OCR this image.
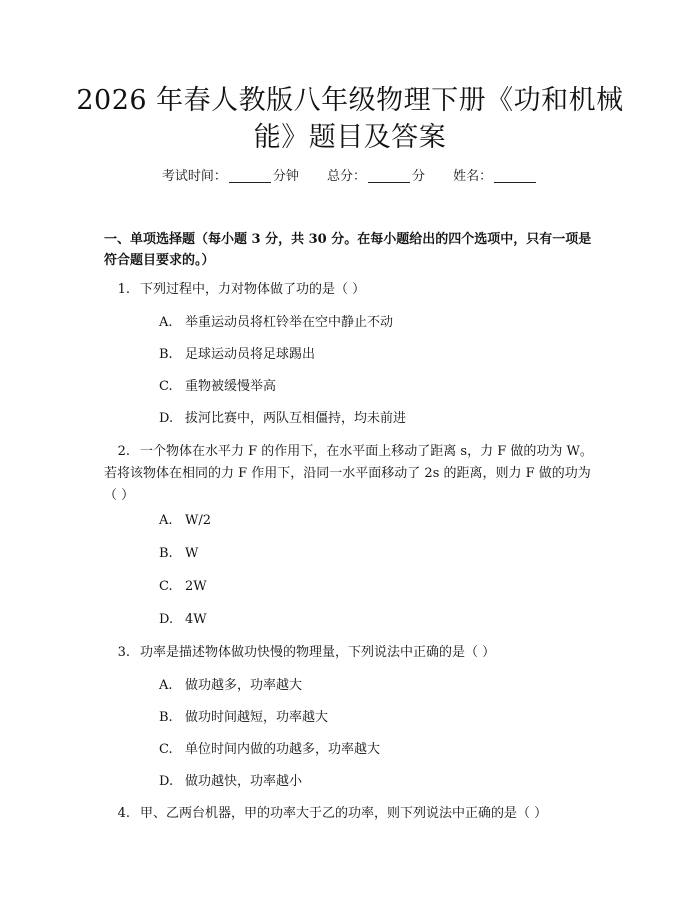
2026 年春人教版八年级物理下册《功和机械
能》题目及答案
考试时间：	分钟 总分：	分 姓名：

一、单项选择题（每小题 3 分，共 30 分。在每小题给出的四个选项中，只有一项是符合题目要求的。）

1. 下列过程中，力对物体做了功的是（ ）

A. 举重运动员将杠铃举在空中静止不动

B. 足球运动员将足球踢出

C. 重物被缓慢举高

D. 拔河比赛中，两队互相僵持，均未前进

2. 一个物体在水平力 F 的作用下，在水平面上移动了距离 s，力 F 做的功为 W。若将该物体在相同的力 F 作用下，沿同一水平面移动了 2s 的距离，则力 F 做的功为（ ）

A. W/2

B. W

C. 2W

D. 4W

3. 功率是描述物体做功快慢的物理量，下列说法中正确的是（ ）

A. 做功越多，功率越大

B. 做功时间越短，功率越大

C. 单位时间内做的功越多，功率越大

D. 做功越快，功率越小

4. 甲、乙两台机器，甲的功率大于乙的功率，则下列说法中正确的是（ ）
